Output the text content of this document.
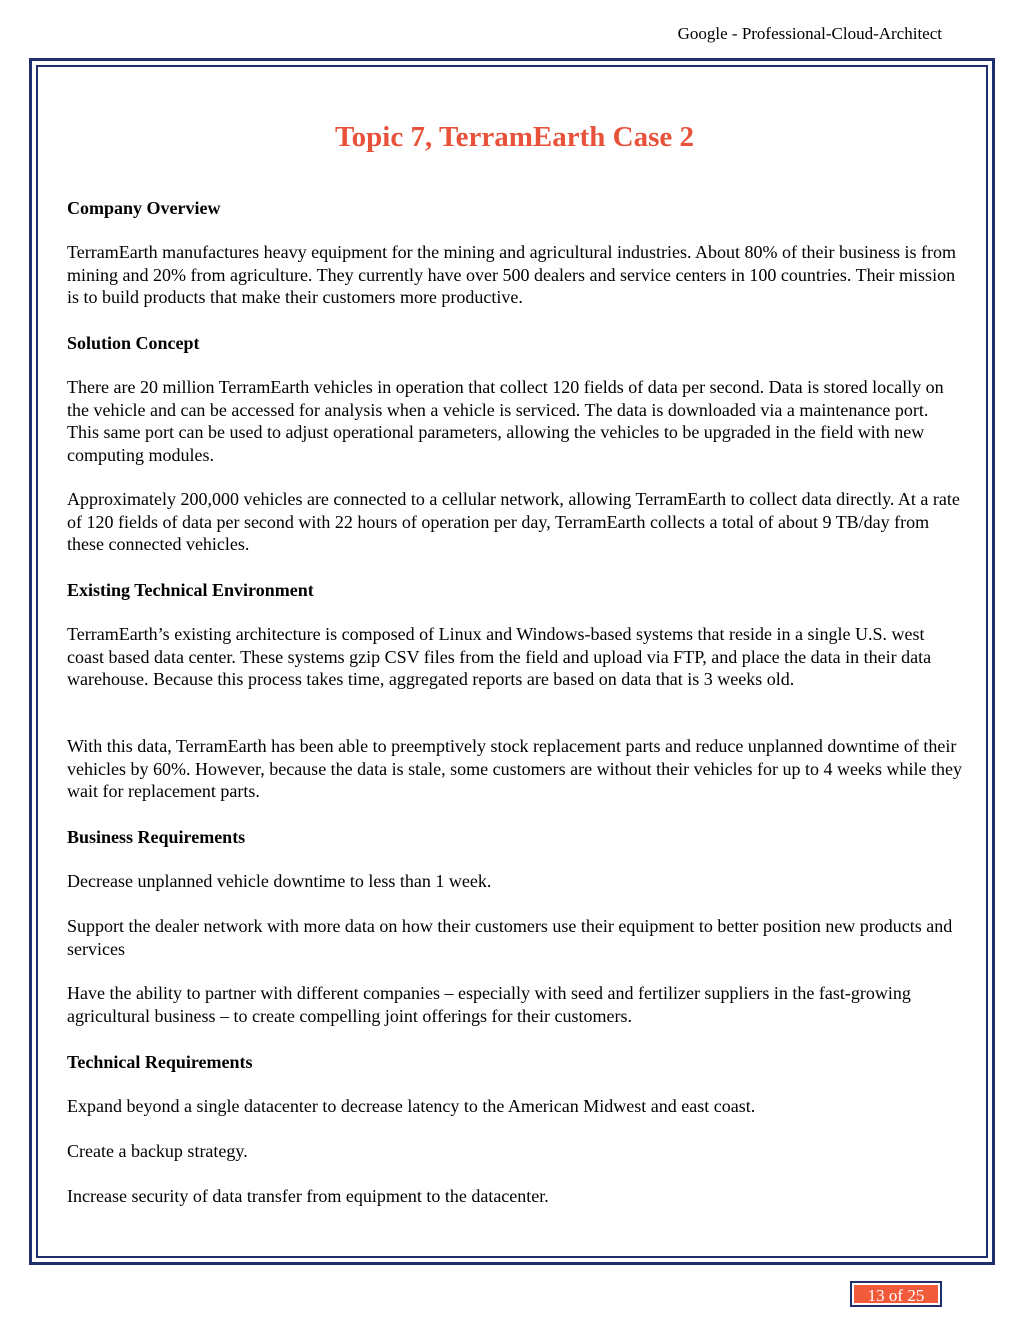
Google - Professional-Cloud-Architect
Topic 7, TerramEarth Case 2
Company Overview

TerramEarth manufactures heavy equipment for the mining and agricultural industries. About 80% of their business is from mining and 20% from agriculture. They currently have over 500 dealers and service centers in 100 countries. Their mission is to build products that make their customers more productive.

Solution Concept

There are 20 million TerramEarth vehicles in operation that collect 120 fields of data per second. Data is stored locally on the vehicle and can be accessed for analysis when a vehicle is serviced. The data is downloaded via a maintenance port. This same port can be used to adjust operational parameters, allowing the vehicles to be upgraded in the field with new computing modules.

Approximately 200,000 vehicles are connected to a cellular network, allowing TerramEarth to collect data directly. At a rate of 120 fields of data per second with 22 hours of operation per day, TerramEarth collects a total of about 9 TB/day from these connected vehicles.

Existing Technical Environment

TerramEarth’s existing architecture is composed of Linux and Windows-based systems that reside in a single U.S. west coast based data center. These systems gzip CSV files from the field and upload via FTP, and place the data in their data warehouse. Because this process takes time, aggregated reports are based on data that is 3 weeks old.

With this data, TerramEarth has been able to preemptively stock replacement parts and reduce unplanned downtime of their vehicles by 60%. However, because the data is stale, some customers are without their vehicles for up to 4 weeks while they wait for replacement parts.

Business Requirements

Decrease unplanned vehicle downtime to less than 1 week.

Support the dealer network with more data on how their customers use their equipment to better position new products and services

Have the ability to partner with different companies – especially with seed and fertilizer suppliers in the fast-growing agricultural business – to create compelling joint offerings for their customers.

Technical Requirements

Expand beyond a single datacenter to decrease latency to the American Midwest and east coast.

Create a backup strategy.

Increase security of data transfer from equipment to the datacenter.

13 of 25
